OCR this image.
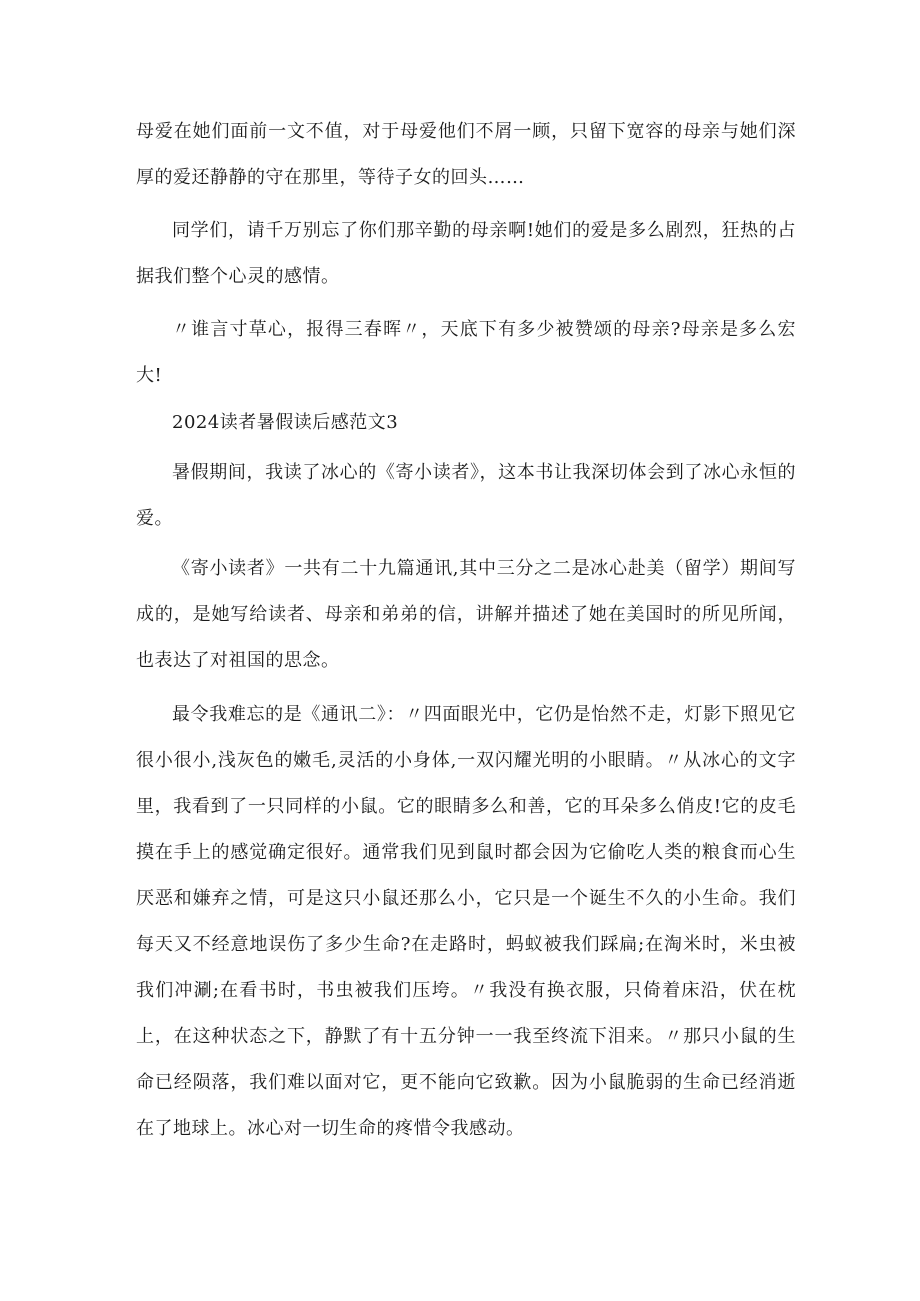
母爱在她们面前一文不值，对于母爱他们不屑一顾，只留下宽容的母亲与她们深厚的爱还静静的守在那里，等待子女的回头……

同学们，请千万别忘了你们那辛勤的母亲啊!她们的爱是多么剧烈，狂热的占据我们整个心灵的感情。

〃谁言寸草心，报得三春晖〃，天底下有多少被赞颂的母亲?母亲是多么宏大!

2024读者暑假读后感范文3

暑假期间，我读了冰心的《寄小读者》，这本书让我深切体会到了冰心永恒的爱。

《寄小读者》一共有二十九篇通讯,其中三分之二是冰心赴美（留学）期间写成的，是她写给读者、母亲和弟弟的信，讲解并描述了她在美国时的所见所闻，也表达了对祖国的思念。

最令我难忘的是《通讯二》：〃四面眼光中，它仍是怡然不走，灯影下照见它很小很小,浅灰色的嫩毛,灵活的小身体,一双闪耀光明的小眼睛。〃从冰心的文字里，我看到了一只同样的小鼠。它的眼睛多么和善，它的耳朵多么俏皮!它的皮毛摸在手上的感觉确定很好。通常我们见到鼠时都会因为它偷吃人类的粮食而心生厌恶和嫌弃之情，可是这只小鼠还那么小，它只是一个诞生不久的小生命。我们每天又不经意地误伤了多少生命?在走路时，蚂蚁被我们踩扁;在淘米时，米虫被我们冲涮;在看书时，书虫被我们压垮。〃我没有换衣服，只倚着床沿，伏在枕上，在这种状态之下，静默了有十五分钟一一我至终流下泪来。〃那只小鼠的生命已经陨落，我们难以面对它，更不能向它致歉。因为小鼠脆弱的生命已经消逝在了地球上。冰心对一切生命的疼惜令我感动。
